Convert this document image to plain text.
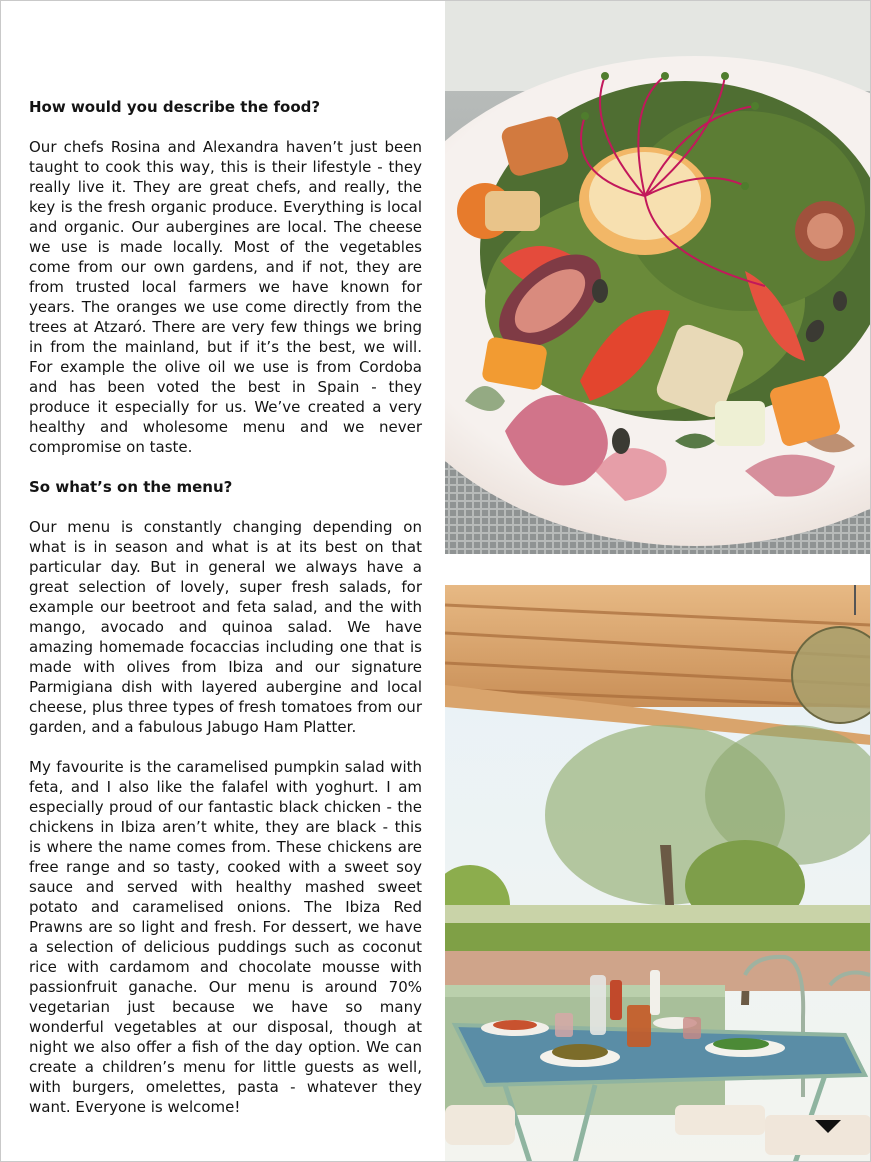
How would you describe the food?

Our chefs Rosina and Alexandra haven’t just been taught to cook this way, this is their lifestyle - they really live it. They are great chefs, and really, the key is the fresh organic produce. Everything is local and organic. Our aubergines are local. The cheese we use is made locally. Most of the vegetables come from our own gardens, and if not, they are from trusted local farmers we have known for years. The oranges we use come directly from the trees at Atzaró. There are very few things we bring in from the mainland, but if it’s the best, we will. For example the olive oil we use is from Cordoba and has been voted the best in Spain - they produce it especially for us. We’ve created a very healthy and wholesome menu and we never compromise on taste.

So what’s on the menu?

Our menu is constantly changing depending on what is in season and what is at its best on that particular day. But in general we always have a great selection of lovely, super fresh salads, for example our beetroot and feta salad, and the with mango, avocado and quinoa salad. We have amazing homemade focaccias including one that is made with olives from Ibiza and our signature Parmigiana dish with layered aubergine and local cheese, plus three types of fresh tomatoes from our garden, and a fabulous Jabugo Ham Platter.

My favourite is the caramelised pumpkin salad with feta, and I also like the falafel with yoghurt. I am especially proud of our fantastic black chicken - the chickens in Ibiza aren’t white, they are black - this is where the name comes from. These chickens are free range and so tasty, cooked with a sweet soy sauce and served with healthy mashed sweet potato and caramelised onions. The Ibiza Red Prawns are so light and fresh. For dessert, we have a selection of delicious puddings such as coconut rice with cardamom and chocolate mousse with passionfruit ganache. Our menu is around 70% vegetarian just because we have so many wonderful vegetables at our disposal, though at night we also offer a fish of the day option. We can create a children’s menu for little guests as well, with burgers, omelettes, pasta - whatever they want. Everyone is welcome!
